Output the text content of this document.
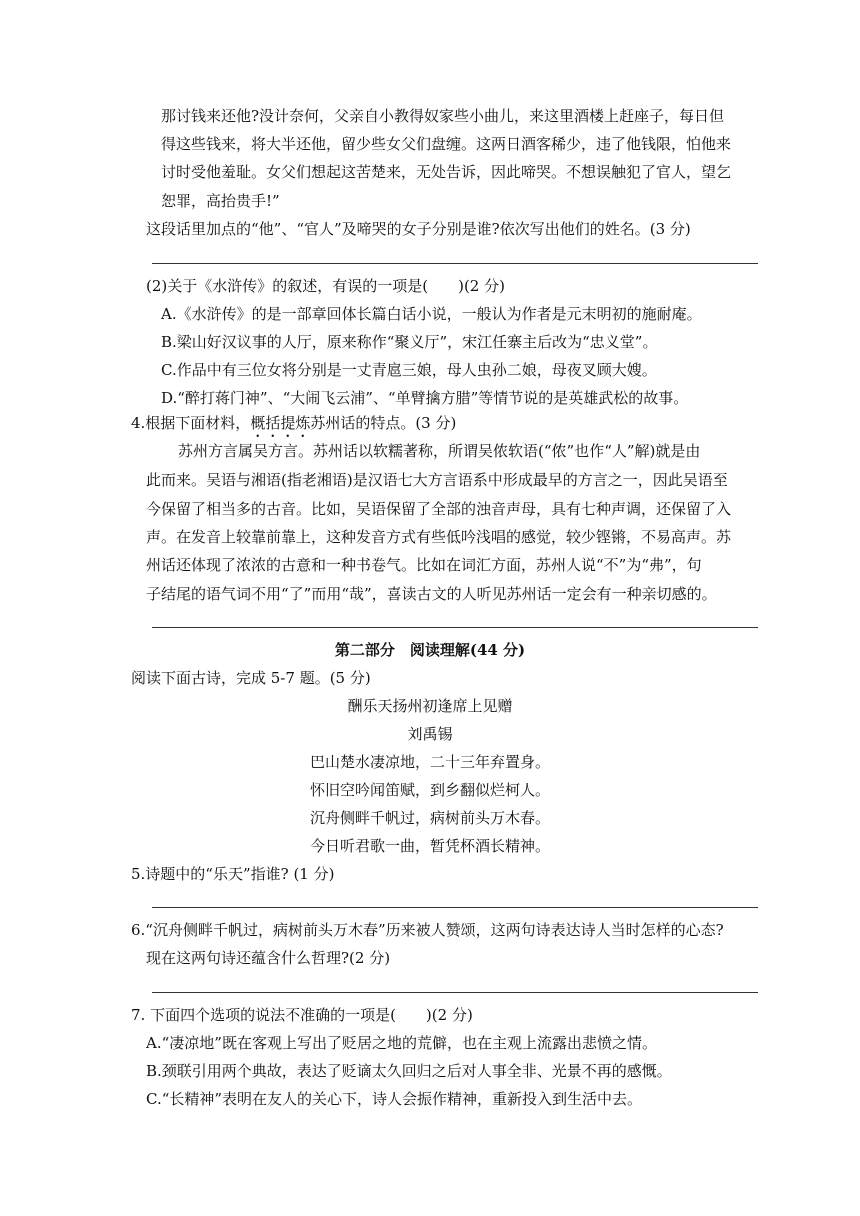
那讨钱来还他?没计奈何，父亲自小教得奴家些小曲儿，来这里酒楼上赶座子，每日但
得这些钱来，将大半还他，留少些女父们盘缠。这两日酒客稀少，违了他钱限，怕他来
讨时受他羞耻。女父们想起这苦楚来，无处告诉，因此啼哭。不想误触犯了官人，望乞
恕罪，高抬贵手!”
这段话里加点的“他”、“官人”及啼哭的女子分别是谁?依次写出他们的姓名。(3 分)
(2)关于《水浒传》的叙述，有误的一项是(　　)(2 分)
A.《水浒传》的是一部章回体长篇白话小说，一般认为作者是元末明初的施耐庵。
B.梁山好汉议事的人厅，原来称作“聚义厅”，宋江任寨主后改为“忠义堂”。
C.作品中有三位女将分别是一丈青扈三娘，母人虫孙二娘，母夜叉顾大嫂。
D.“醉打蒋门神”、“大闹飞云浦”、“单臂擒方腊”等情节说的是英雄武松的故事。
4.根据下面材料，概括提炼苏州话的特点。(3 分)
苏州方言属吴方言。苏州话以软糯著称，所谓吴侬软语(“侬”也作“人”解)就是由
此而来。吴语与湘语(指老湘语)是汉语七大方言语系中形成最早的方言之一，因此吴语至
今保留了相当多的古音。比如，吴语保留了全部的浊音声母，具有七种声调，还保留了入
声。在发音上较靠前靠上，这种发音方式有些低吟浅唱的感觉，较少铿锵，不易高声。苏
州话还体现了浓浓的古意和一种书卷气。比如在词汇方面，苏州人说“不”为“弗”，句
子结尾的语气词不用“了”而用“哉”，喜读古文的人听见苏州话一定会有一种亲切感的。
第二部分　阅读理解(44 分)
阅读下面古诗，完成 5-7 题。(5 分)
酬乐天扬州初逢席上见赠
刘禹锡
巴山楚水凄凉地，二十三年弃置身。
怀旧空吟闻笛赋，到乡翻似烂柯人。
沉舟侧畔千帆过，病树前头万木春。
今日听君歌一曲，暂凭杯酒长精神。
5.诗题中的“乐天”指谁? (1 分)
6.“沉舟侧畔千帆过，病树前头万木春”历来被人赞颂，这两句诗表达诗人当时怎样的心态?
现在这两句诗还蕴含什么哲理?(2 分)
7. 下面四个选项的说法不准确的一项是(　　)(2 分)
A.“凄凉地”既在客观上写出了贬居之地的荒僻，也在主观上流露出悲愤之情。
B.颈联引用两个典故，表达了贬谪太久回归之后对人事全非、光景不再的感慨。
C.“长精神”表明在友人的关心下，诗人会振作精神，重新投入到生活中去。
